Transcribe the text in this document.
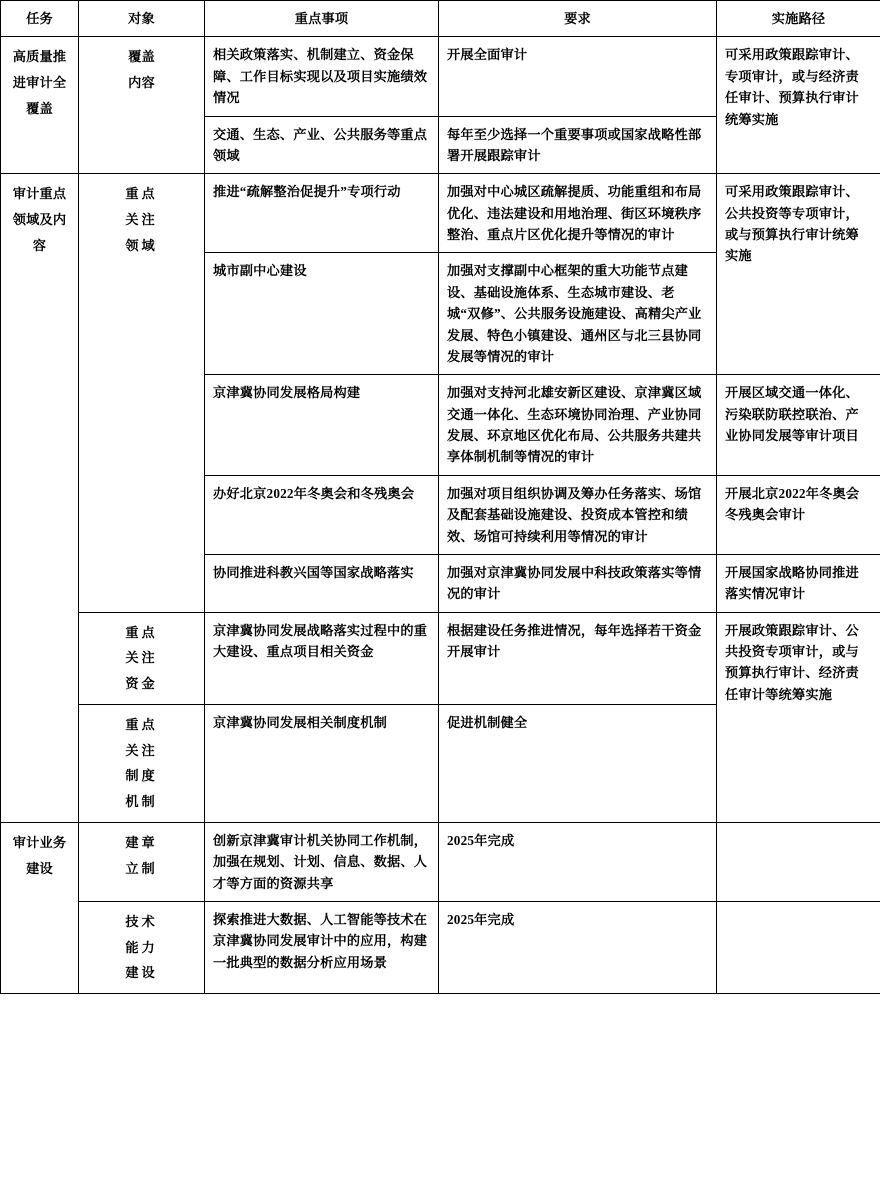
任务	对象	重点事项	要求	实施路径

高质量推
进审计全
覆盖	覆盖
内容	相关政策落实、机制建立、资金保障、工作目标实现以及项目实施绩效情况	开展全面审计	可采用政策跟踪审计、专项审计，或与经济责任审计、预算执行审计统筹实施
		交通、生态、产业、公共服务等重点领域	每年至少选择一个重要事项或国家战略性部署开展跟踪审计	

审计重点
领域及内
容	重点
关注
领域	推进“疏解整治促提升”专项行动	加强对中心城区疏解提质、功能重组和布局优化、违法建设和用地治理、街区环境秩序整治、重点片区优化提升等情况的审计	可采用政策跟踪审计、公共投资等专项审计，或与预算执行审计统筹实施
		城市副中心建设	加强对支撑副中心框架的重大功能节点建设、基础设施体系、生态城市建设、老城“双修”、公共服务设施建设、高精尖产业发展、特色小镇建设、通州区与北三县协同发展等情况的审计	
		京津冀协同发展格局构建	加强对支持河北雄安新区建设、京津冀区域交通一体化、生态环境协同治理、产业协同发展、环京地区优化布局、公共服务共建共享体制机制等情况的审计	开展区域交通一体化、污染联防联控联治、产业协同发展等审计项目
		办好北京2022年冬奥会和冬残奥会	加强对项目组织协调及筹办任务落实、场馆及配套基础设施建设、投资成本管控和绩效、场馆可持续利用等情况的审计	开展北京2022年冬奥会冬残奥会审计
		协同推进科教兴国等国家战略落实	加强对京津冀协同发展中科技政策落实等情况的审计	开展国家战略协同推进落实情况审计

	重点
关注
资金	京津冀协同发展战略落实过程中的重大建设、重点项目相关资金	根据建设任务推进情况，每年选择若干资金开展审计	开展政策跟踪审计、公共投资专项审计，或与预算执行审计、经济责任审计等统筹实施

	重点
关注
制度
机制	京津冀协同发展相关制度机制	促进机制健全	

审计业务
建设	建章
立制	创新京津冀审计机关协同工作机制，加强在规划、计划、信息、数据、人才等方面的资源共享	2025年完成	

	技术
能力
建设	探索推进大数据、人工智能等技术在京津冀协同发展审计中的应用，构建一批典型的数据分析应用场景	2025年完成	
